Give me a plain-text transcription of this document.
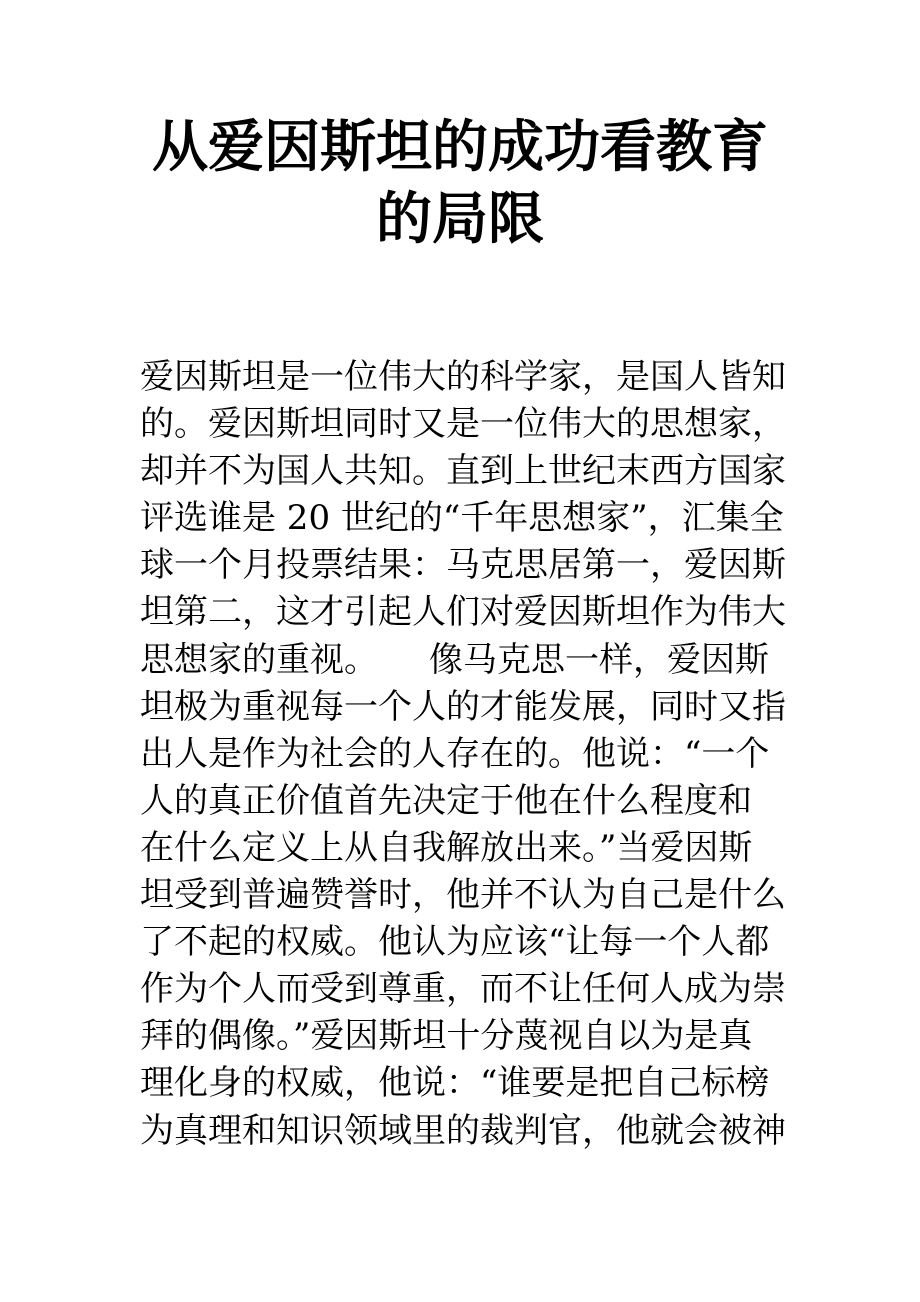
从爱因斯坦的成功看教育
的局限
爱因斯坦是一位伟大的科学家，是国人皆知
的。爱因斯坦同时又是一位伟大的思想家，
却并不为国人共知。直到上世纪末西方国家
评选谁是 20 世纪的“千年思想家”，汇集全
球一个月投票结果：马克思居第一，爱因斯
坦第二，这才引起人们对爱因斯坦作为伟大
思想家的重视。　　像马克思一样，爱因斯
坦极为重视每一个人的才能发展，同时又指
出人是作为社会的人存在的。他说：“一个
人的真正价值首先决定于他在什么程度和
在什么定义上从自我解放出来。”当爱因斯
坦受到普遍赞誉时，他并不认为自己是什么
了不起的权威。他认为应该“让每一个人都
作为个人而受到尊重，而不让任何人成为崇
拜的偶像。”爱因斯坦十分蔑视自以为是真
理化身的权威，他说：“谁要是把自己标榜
为真理和知识领域里的裁判官，他就会被神
